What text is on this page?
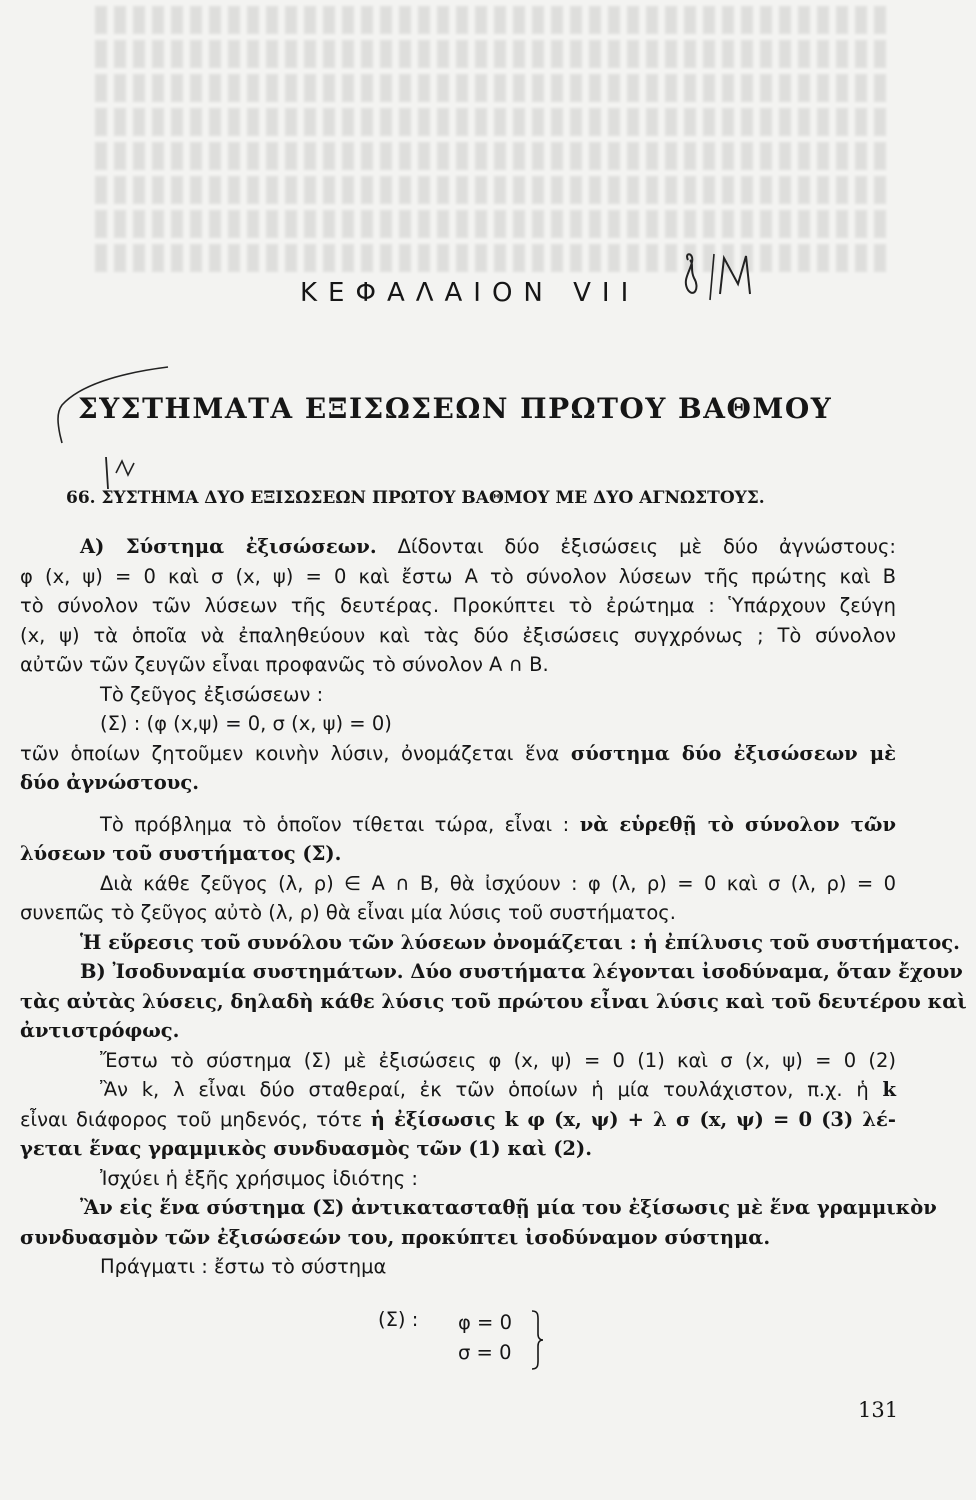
ΚΕΦΑΛΑΙΟΝ VII
ΣΥΣΤΗΜΑΤΑ ΕΞΙΣΩΣΕΩΝ ΠΡΩΤΟΥ ΒΑΘΜΟΥ
66. ΣΥΣΤΗΜΑ ΔΥΟ ΕΞΙΣΩΣΕΩΝ ΠΡΩΤΟΥ ΒΑΘΜΟΥ ΜΕ ΔΥΟ ΑΓΝΩΣΤΟΥΣ.
Α) Σύστημα ἐξισώσεων. Δίδονται δύο ἐξισώσεις μὲ δύο ἀγνώστους:
φ (x, ψ) = 0 καὶ σ (x, ψ) = 0 καὶ ἔστω Α τὸ σύνολον λύσεων τῆς πρώτης καὶ Β
τὸ σύνολον τῶν λύσεων τῆς δευτέρας. Προκύπτει τὸ ἐρώτημα : Ὑπάρχουν ζεύγη
(x, ψ) τὰ ὁποῖα νὰ ἐπαληθεύουν καὶ τὰς δύο ἐξισώσεις συγχρόνως ; Τὸ σύνολον
αὐτῶν τῶν ζευγῶν εἶναι προφανῶς τὸ σύνολον Α ∩ Β.
Τὸ ζεῦγος ἐξισώσεων :
(Σ) : (φ (x,ψ) = 0, σ (x, ψ) = 0)
τῶν ὁποίων ζητοῦμεν κοινὴν λύσιν, ὀνομάζεται ἕνα σύστημα δύο ἐξισώσεων μὲ
δύο ἀγνώστους.
Τὸ πρόβλημα τὸ ὁποῖον τίθεται τώρα, εἶναι : νὰ εὑρεθῇ τὸ σύνολον τῶν
λύσεων τοῦ συστήματος (Σ).
Διὰ κάθε ζεῦγος (λ, ρ) ∈ Α ∩ Β, θὰ ἰσχύουν : φ (λ, ρ) = 0 καὶ σ (λ, ρ) = 0
συνεπῶς τὸ ζεῦγος αὐτὸ (λ, ρ) θὰ εἶναι μία λύσις τοῦ συστήματος.
Ἡ εὕρεσις τοῦ συνόλου τῶν λύσεων ὀνομάζεται : ἡ ἐπίλυσις τοῦ συστήματος.
Β) Ἰσοδυναμία συστημάτων. Δύο συστήματα λέγονται ἰσοδύναμα, ὅταν ἔχουν
τὰς αὐτὰς λύσεις, δηλαδὴ κάθε λύσις τοῦ πρώτου εἶναι λύσις καὶ τοῦ δευτέρου καὶ
ἀντιστρόφως.
Ἔστω τὸ σύστημα (Σ) μὲ ἐξισώσεις φ (x, ψ) = 0 (1) καὶ σ (x, ψ) = 0 (2)
Ἂν k, λ εἶναι δύο σταθεραί, ἐκ τῶν ὁποίων ἡ μία τουλάχιστον, π.χ. ἡ k
εἶναι διάφορος τοῦ μηδενός, τότε ἡ ἐξίσωσις k φ (x, ψ) + λ σ (x, ψ) = 0 (3) λέ-
γεται ἕνας γραμμικὸς συνδυασμὸς τῶν (1) καὶ (2).
Ἰσχύει ἡ ἑξῆς χρήσιμος ἰδιότης :
Ἂν εἰς ἕνα σύστημα (Σ) ἀντικατασταθῇ μία του ἐξίσωσις μὲ ἕνα γραμμικὸν
συνδυασμὸν τῶν ἐξισώσεών του, προκύπτει ἰσοδύναμον σύστημα.
Πράγματι : ἔστω τὸ σύστημα
(Σ) : φ = 0
σ = 0
131
